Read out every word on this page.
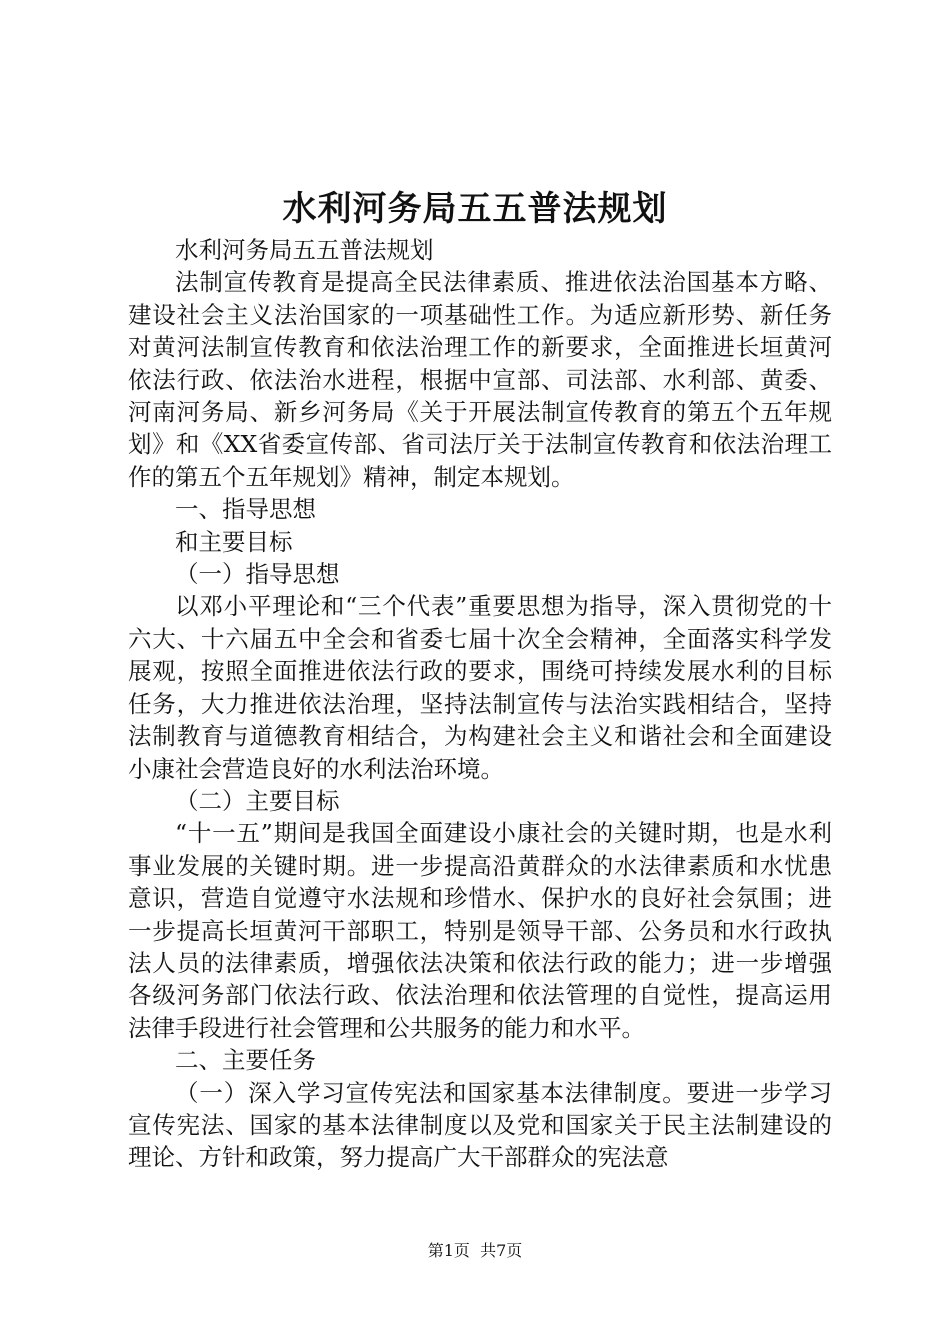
水利河务局五五普法规划

水利河务局五五普法规划

法制宣传教育是提高全民法律素质、推进依法治国基本方略、建设社会主义法治国家的一项基础性工作。为适应新形势、新任务对黄河法制宣传教育和依法治理工作的新要求，全面推进长垣黄河依法行政、依法治水进程，根据中宣部、司法部、水利部、黄委、河南河务局、新乡河务局《关于开展法制宣传教育的第五个五年规划》和《XX省委宣传部、省司法厅关于法制宣传教育和依法治理工作的第五个五年规划》精神，制定本规划。

一、指导思想

和主要目标

（一）指导思想

以邓小平理论和“三个代表”重要思想为指导，深入贯彻党的十六大、十六届五中全会和省委七届十次全会精神，全面落实科学发展观，按照全面推进依法行政的要求，围绕可持续发展水利的目标任务，大力推进依法治理，坚持法制宣传与法治实践相结合，坚持法制教育与道德教育相结合，为构建社会主义和谐社会和全面建设小康社会营造良好的水利法治环境。

（二）主要目标

“十一五”期间是我国全面建设小康社会的关键时期，也是水利事业发展的关键时期。进一步提高沿黄群众的水法律素质和水忧患意识，营造自觉遵守水法规和珍惜水、保护水的良好社会氛围；进一步提高长垣黄河干部职工，特别是领导干部、公务员和水行政执法人员的法律素质，增强依法决策和依法行政的能力；进一步增强各级河务部门依法行政、依法治理和依法管理的自觉性，提高运用法律手段进行社会管理和公共服务的能力和水平。

二、主要任务

（一）深入学习宣传宪法和国家基本法律制度。要进一步学习宣传宪法、国家的基本法律制度以及党和国家关于民主法制建设的理论、方针和政策，努力提高广大干部群众的宪法意

第1页 共7页
